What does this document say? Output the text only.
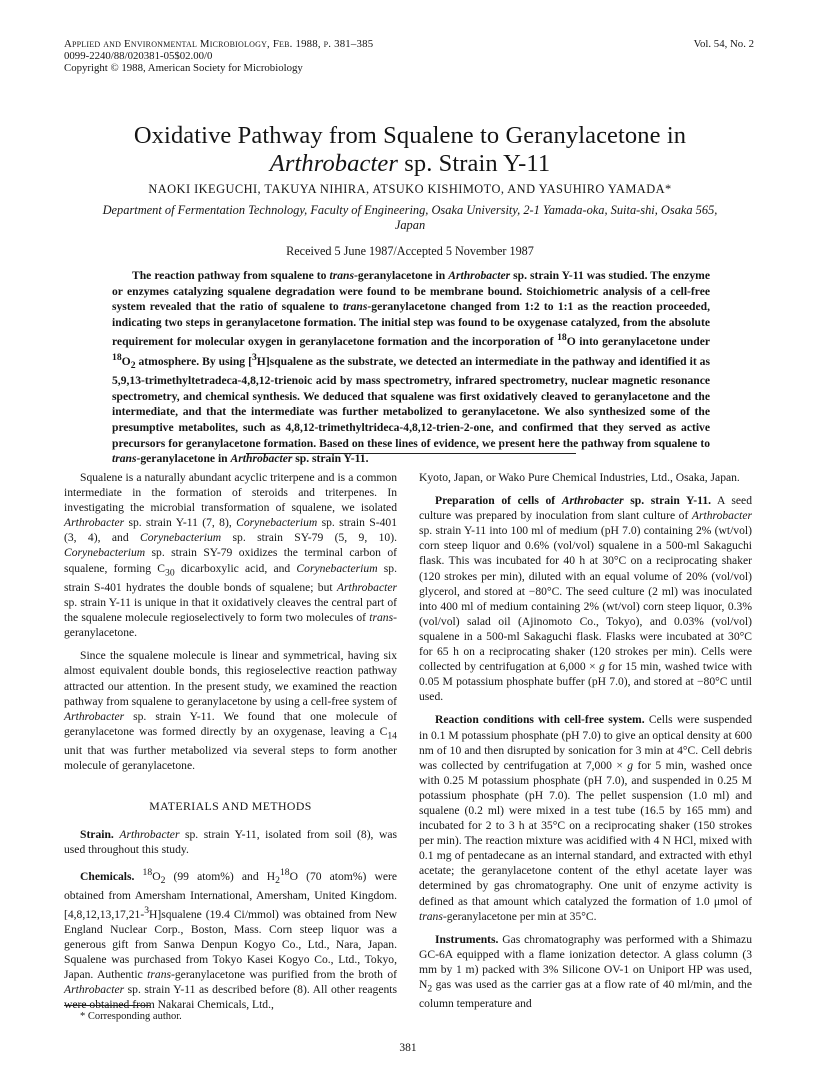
Applied and Environmental Microbiology, Feb. 1988, p. 381–385
0099-2240/88/020381-05$02.00/0
Copyright © 1988, American Society for Microbiology
Vol. 54, No. 2
Oxidative Pathway from Squalene to Geranylacetone in
Arthrobacter sp. Strain Y-11
NAOKI IKEGUCHI, TAKUYA NIHIRA, ATSUKO KISHIMOTO, AND YASUHIRO YAMADA*
Department of Fermentation Technology, Faculty of Engineering, Osaka University, 2-1 Yamada-oka, Suita-shi, Osaka 565, Japan
Received 5 June 1987/Accepted 5 November 1987

The reaction pathway from squalene to trans-geranylacetone in Arthrobacter sp. strain Y-11 was studied. The enzyme or enzymes catalyzing squalene degradation were found to be membrane bound. Stoichiometric analysis of a cell-free system revealed that the ratio of squalene to trans-geranylacetone changed from 1:2 to 1:1 as the reaction proceeded, indicating two steps in geranylacetone formation. The initial step was found to be oxygenase catalyzed, from the absolute requirement for molecular oxygen in geranylacetone formation and the incorporation of $^{18}$O into geranylacetone under $^{18}O_2$ atmosphere. By using [$^3$H]squalene as the substrate, we detected an intermediate in the pathway and identified it as 5,9,13-trimethyltetradeca-4,8,12-trienoic acid by mass spectrometry, infrared spectrometry, nuclear magnetic resonance spectrometry, and chemical synthesis. We deduced that squalene was first oxidatively cleaved to geranylacetone and the intermediate, and that the intermediate was further metabolized to geranylacetone. We also synthesized some of the presumptive metabolites, such as 4,8,12-trimethyltrideca-4,8,12-trien-2-one, and confirmed that they served as active precursors for geranylacetone formation. Based on these lines of evidence, we present here the pathway from squalene to trans-geranylacetone in Arthrobacter sp. strain Y-11.

Squalene is a naturally abundant acyclic triterpene and is a common intermediate in the formation of steroids and triterpenes. In investigating the microbial transformation of squalene, we isolated Arthrobacter sp. strain Y-11 (7, 8), Corynebacterium sp. strain S-401 (3, 4), and Corynebacterium sp. strain SY-79 (5, 9, 10). Corynebacterium sp. strain SY-79 oxidizes the terminal carbon of squalene, forming $C_{30}$ dicarboxylic acid, and Corynebacterium sp. strain S-401 hydrates the double bonds of squalene; but Arthrobacter sp. strain Y-11 is unique in that it oxidatively cleaves the central part of the squalene molecule regioselectively to form two molecules of trans-geranylacetone.

Since the squalene molecule is linear and symmetrical, having six almost equivalent double bonds, this regioselective reaction pathway attracted our attention. In the present study, we examined the reaction pathway from squalene to geranylacetone by using a cell-free system of Arthrobacter sp. strain Y-11. We found that one molecule of geranylacetone was formed directly by an oxygenase, leaving a $C_{14}$ unit that was further metabolized via several steps to form another molecule of geranylacetone.

MATERIALS AND METHODS

Strain. Arthrobacter sp. strain Y-11, isolated from soil (8), was used throughout this study.

Chemicals. $^{18}O_2$ (99 atom%) and $H_2^{18}O$ (70 atom%) were obtained from Amersham International, Amersham, United Kingdom. [4,8,12,13,17,21-$^3$H]squalene (19.4 Ci/mmol) was obtained from New England Nuclear Corp., Boston, Mass. Corn steep liquor was a generous gift from Sanwa Denpun Kogyo Co., Ltd., Nara, Japan. Squalene was purchased from Tokyo Kasei Kogyo Co., Ltd., Tokyo, Japan. Authentic trans-geranylacetone was purified from the broth of Arthrobacter sp. strain Y-11 as described before (8). All other reagents were obtained from Nakarai Chemicals, Ltd.,

Kyoto, Japan, or Wako Pure Chemical Industries, Ltd., Osaka, Japan.

Preparation of cells of Arthrobacter sp. strain Y-11. A seed culture was prepared by inoculation from slant culture of Arthrobacter sp. strain Y-11 into 100 ml of medium (pH 7.0) containing 2% (wt/vol) corn steep liquor and 0.6% (vol/vol) squalene in a 500-ml Sakaguchi flask. This was incubated for 40 h at 30°C on a reciprocating shaker (120 strokes per min), diluted with an equal volume of 20% (vol/vol) glycerol, and stored at −80°C. The seed culture (2 ml) was inoculated into 400 ml of medium containing 2% (wt/vol) corn steep liquor, 0.3% (vol/vol) salad oil (Ajinomoto Co., Tokyo), and 0.03% (vol/vol) squalene in a 500-ml Sakaguchi flask. Flasks were incubated at 30°C for 65 h on a reciprocating shaker (120 strokes per min). Cells were collected by centrifugation at 6,000 × g for 15 min, washed twice with 0.05 M potassium phosphate buffer (pH 7.0), and stored at −80°C until used.

Reaction conditions with cell-free system. Cells were suspended in 0.1 M potassium phosphate (pH 7.0) to give an optical density at 600 nm of 10 and then disrupted by sonication for 3 min at 4°C. Cell debris was collected by centrifugation at 7,000 × g for 5 min, washed once with 0.25 M potassium phosphate (pH 7.0), and suspended in 0.25 M potassium phosphate (pH 7.0). The pellet suspension (1.0 ml) and squalene (0.2 ml) were mixed in a test tube (16.5 by 165 mm) and incubated for 2 to 3 h at 35°C on a reciprocating shaker (150 strokes per min). The reaction mixture was acidified with 4 N HCl, mixed with 0.1 mg of pentadecane as an internal standard, and extracted with ethyl acetate; the geranylacetone content of the ethyl acetate layer was determined by gas chromatography. One unit of enzyme activity is defined as that amount which catalyzed the formation of 1.0 μmol of trans-geranylacetone per min at 35°C.

Instruments. Gas chromatography was performed with a Shimazu GC-6A equipped with a flame ionization detector. A glass column (3 mm by 1 m) packed with 3% Silicone OV-1 on Uniport HP was used, $N_2$ gas was used as the carrier gas at a flow rate of 40 ml/min, and the column temperature and

* Corresponding author.
381
